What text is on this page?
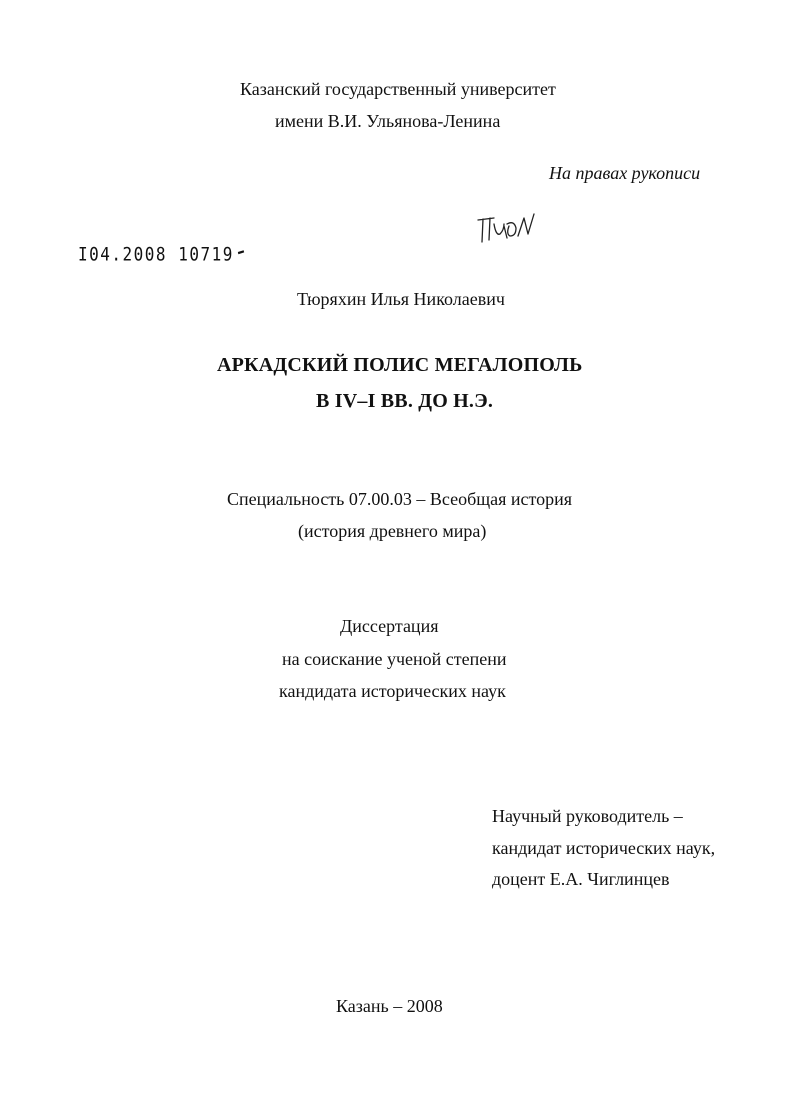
Казанский государственный университет
имени В.И. Ульянова-Ленина
На правах рукописи
I04.2008 10719
Тюряхин Илья Николаевич
АРКАДСКИЙ ПОЛИС МЕГАЛОПОЛЬ
В IV–I ВВ. ДО Н.Э.
Специальность 07.00.03 – Всеобщая история
(история древнего мира)
Диссертация
на соискание ученой степени
кандидата исторических наук
Научный руководитель –
кандидат исторических наук,
доцент Е.А. Чиглинцев
Казань – 2008
